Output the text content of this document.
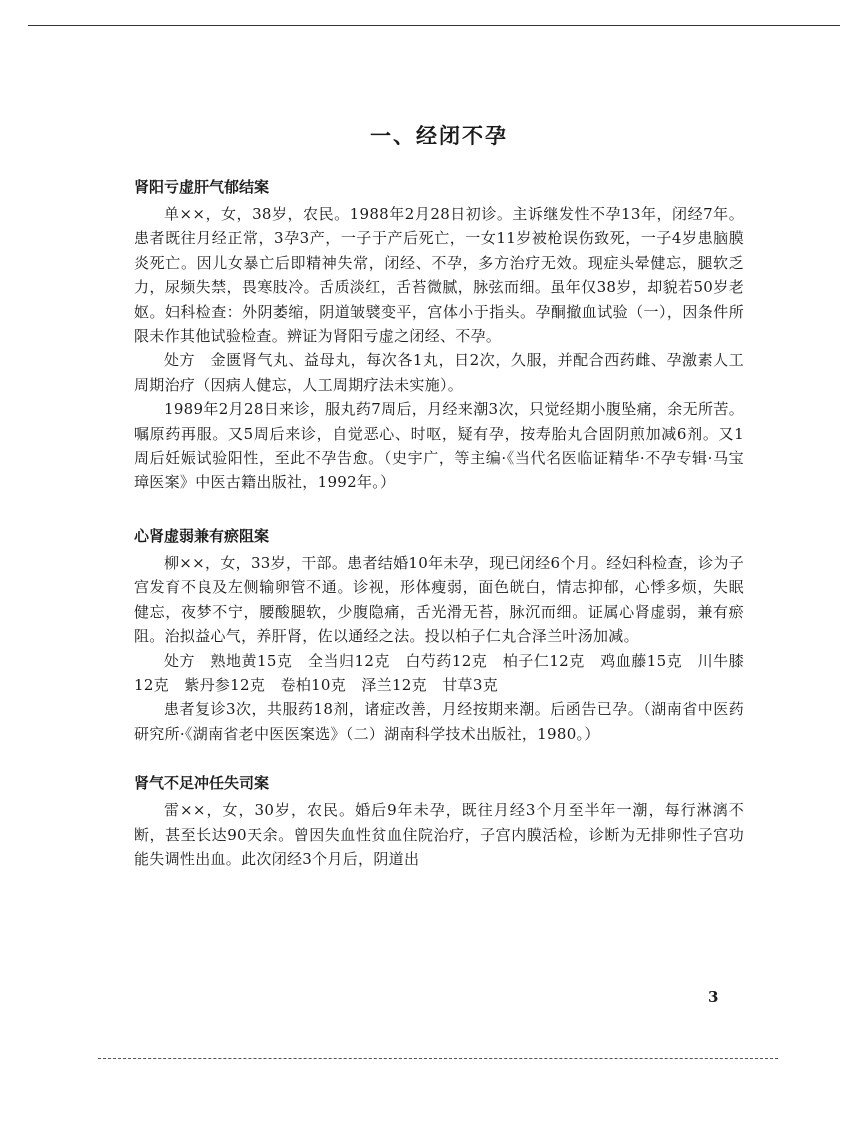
一、经闭不孕
肾阳亏虚肝气郁结案

单××，女，38岁，农民。1988年2月28日初诊。主诉继发性不孕13年，闭经7年。患者既往月经正常，3孕3产，一子于产后死亡，一女11岁被枪误伤致死，一子4岁患脑膜炎死亡。因儿女暴亡后即精神失常，闭经、不孕，多方治疗无效。现症头晕健忘，腿软乏力，尿频失禁，畏寒肢冷。舌质淡红，舌苔微腻，脉弦而细。虽年仅38岁，却貌若50岁老妪。妇科检查：外阴萎缩，阴道皱襞变平，宫体小于指头。孕酮撤血试验（一），因条件所限未作其他试验检查。辨证为肾阳亏虚之闭经、不孕。

处方　金匮肾气丸、益母丸，每次各1丸，日2次，久服，并配合西药雌、孕激素人工周期治疗（因病人健忘，人工周期疗法未实施）。

1989年2月28日来诊，服丸药7周后，月经来潮3次，只觉经期小腹坠痛，余无所苦。嘱原药再服。又5周后来诊，自觉恶心、时呕，疑有孕，按寿胎丸合固阴煎加减6剂。又1周后妊娠试验阳性，至此不孕告愈。（史宇广，等主编·《当代名医临证精华·不孕专辑·马宝璋医案》中医古籍出版社，1992年。）

心肾虚弱兼有瘀阻案

柳××，女，33岁，干部。患者结婚10年未孕，现已闭经6个月。经妇科检查，诊为子宫发育不良及左侧输卵管不通。诊视，形体瘦弱，面色㿠白，情志抑郁，心悸多烦，失眠健忘，夜梦不宁，腰酸腿软，少腹隐痛，舌光滑无苔，脉沉而细。证属心肾虚弱，兼有瘀阻。治拟益心气，养肝肾，佐以通经之法。投以柏子仁丸合泽兰叶汤加减。

处方　熟地黄15克　全当归12克　白芍药12克　柏子仁12克　鸡血藤15克　川牛膝12克　紫丹参12克　卷柏10克　泽兰12克　甘草3克

患者复诊3次，共服药18剂，诸症改善，月经按期来潮。后函告已孕。（湖南省中医药研究所·《湖南省老中医医案选》（二）湖南科学技术出版社，1980。）

肾气不足冲任失司案

雷××，女，30岁，农民。婚后9年未孕，既往月经3个月至半年一潮，每行淋漓不断，甚至长达90天余。曾因失血性贫血住院治疗，子宫内膜活检，诊断为无排卵性子宫功能失调性出血。此次闭经3个月后，阴道出

3
